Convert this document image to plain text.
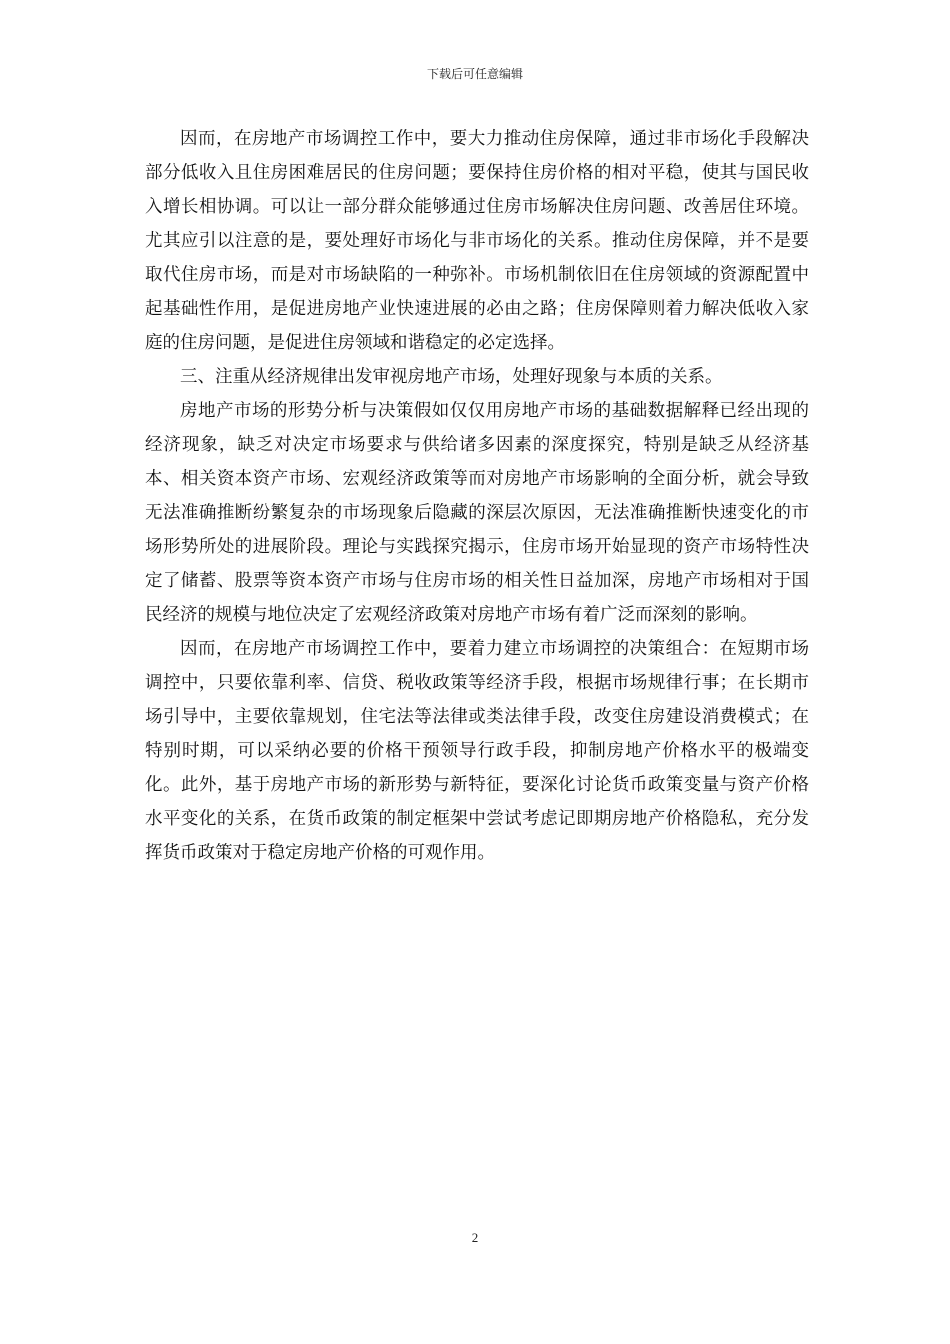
下载后可任意编辑

因而，在房地产市场调控工作中，要大力推动住房保障，通过非市场化手段解决部分低收入且住房困难居民的住房问题；要保持住房价格的相对平稳，使其与国民收入增长相协调。可以让一部分群众能够通过住房市场解决住房问题、改善居住环境。尤其应引以注意的是，要处理好市场化与非市场化的关系。推动住房保障，并不是要取代住房市场，而是对市场缺陷的一种弥补。市场机制依旧在住房领域的资源配置中起基础性作用，是促进房地产业快速进展的必由之路；住房保障则着力解决低收入家庭的住房问题，是促进住房领域和谐稳定的必定选择。

三、注重从经济规律出发审视房地产市场，处理好现象与本质的关系。

房地产市场的形势分析与决策假如仅仅用房地产市场的基础数据解释已经出现的经济现象，缺乏对决定市场要求与供给诸多因素的深度探究，特别是缺乏从经济基本、相关资本资产市场、宏观经济政策等而对房地产市场影响的全面分析，就会导致无法准确推断纷繁复杂的市场现象后隐藏的深层次原因，无法准确推断快速变化的市场形势所处的进展阶段。理论与实践探究揭示，住房市场开始显现的资产市场特性决定了储蓄、股票等资本资产市场与住房市场的相关性日益加深，房地产市场相对于国民经济的规模与地位决定了宏观经济政策对房地产市场有着广泛而深刻的影响。

因而，在房地产市场调控工作中，要着力建立市场调控的决策组合：在短期市场调控中，只要依靠利率、信贷、税收政策等经济手段，根据市场规律行事；在长期市场引导中，主要依靠规划，住宅法等法律或类法律手段，改变住房建设消费模式；在特别时期，可以采纳必要的价格干预领导行政手段，抑制房地产价格水平的极端变化。此外，基于房地产市场的新形势与新特征，要深化讨论货币政策变量与资产价格水平变化的关系，在货币政策的制定框架中尝试考虑记即期房地产价格隐私，充分发挥货币政策对于稳定房地产价格的可观作用。

2
